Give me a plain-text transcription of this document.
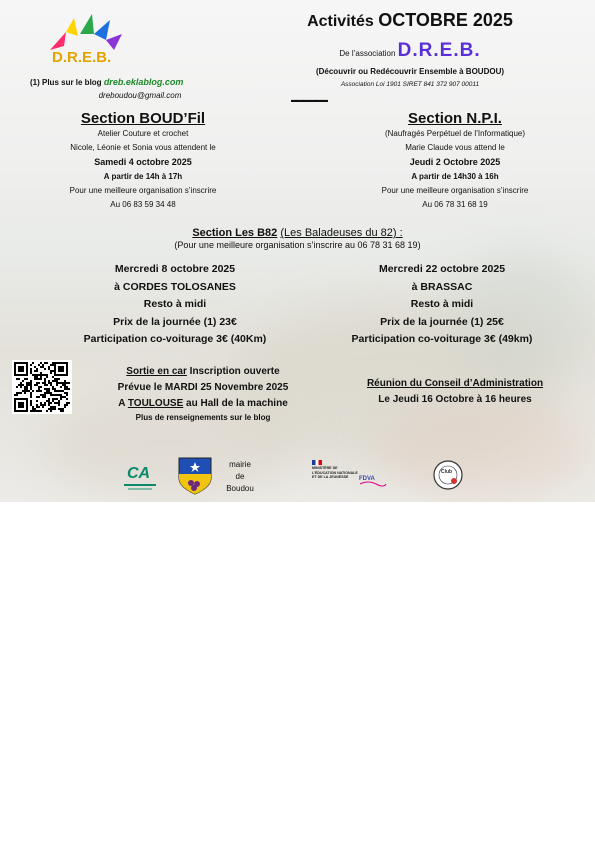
D.R.E.B.
Activités OCTOBRE 2025
De l’association D.R.E.B.
(Découvrir ou Redécouvrir Ensemble à BOUDOU)
Association Loi 1901 SIRET 841 372 907 00011
(1) Plus sur le blog dreb.eklablog.com
dreboudou@gmail.com
▬▬▬▬▬▬
Section BOUD’Fil
Atelier Couture et crochet
Nicole, Léonie et Sonia vous attendent le
Samedi 4 octobre 2025
A partir de 14h à 17h
Pour une meilleure organisation s’inscrire
Au 06 83 59 34 48
Section N.P.I.
(Naufragés Perpétuel de l’Informatique)
Marie Claude vous attend le
Jeudi 2 Octobre 2025
A partir de 14h30 à 16h
Pour une meilleure organisation s’inscrire
Au 06 78 31 68 19
Section Les B82 (Les Baladeuses du 82) :
(Pour une meilleure organisation s’inscrire au 06 78 31 68 19)
Mercredi 8 octobre 2025
à CORDES TOLOSANES
Resto à midi
Prix de la journée (1) 23€
Participation co-voiturage 3€ (40Km)
Mercredi 22 octobre 2025
à BRASSAC
Resto à midi
Prix de la journée (1) 25€
Participation co-voiturage 3€ (49km)
Sortie en car Inscription ouverte
Prévue le MARDI 25 Novembre 2025
A TOULOUSE au Hall de la machine
Plus de renseignements sur le blog
Réunion du Conseil d’Administration
Le Jeudi 16 Octobre à 16 heures
CA
mairie
de
Boudou
MINISTÈRE DE L’ÉDUCATION NATIONALE ET DE LA JEUNESSE	FDVA
Club
